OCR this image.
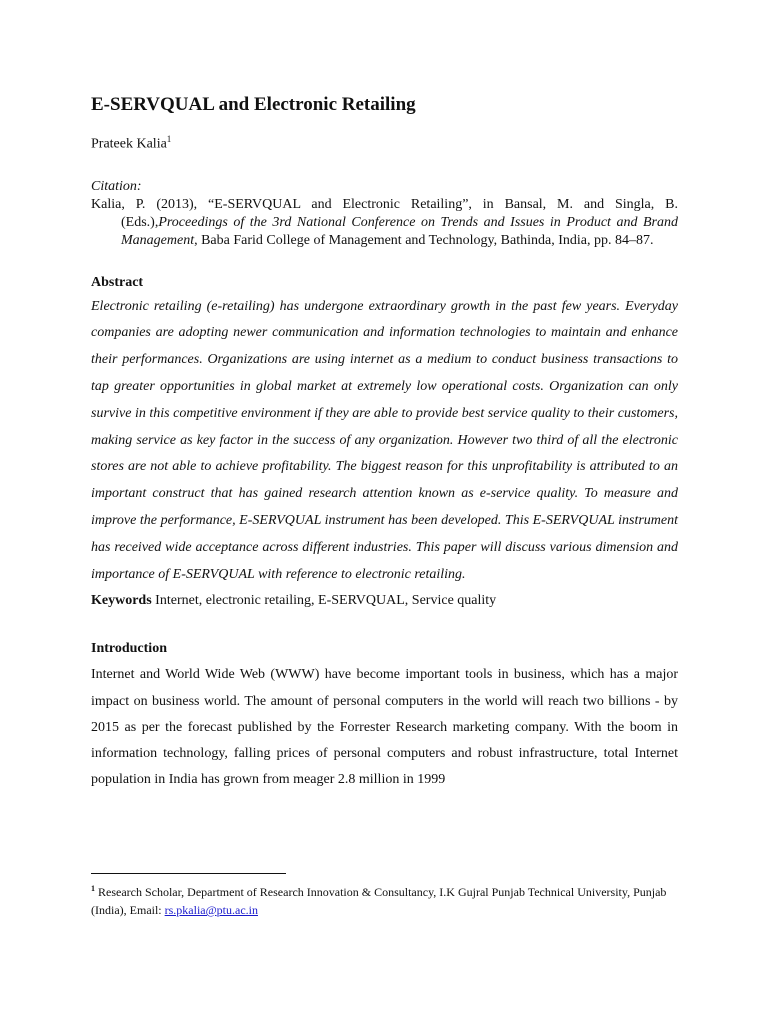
E-SERVQUAL and Electronic Retailing
Prateek Kalia$^1$
Citation:

Kalia, P. (2013), “E-SERVQUAL and Electronic Retailing”, in Bansal, M. and Singla, B. (Eds.),Proceedings of the 3rd National Conference on Trends and Issues in Product and Brand Management, Baba Farid College of Management and Technology, Bathinda, India, pp. 84–87.

Abstract

Electronic retailing (e-retailing) has undergone extraordinary growth in the past few years. Everyday companies are adopting newer communication and information technologies to maintain and enhance their performances. Organizations are using internet as a medium to conduct business transactions to tap greater opportunities in global market at extremely low operational costs. Organization can only survive in this competitive environment if they are able to provide best service quality to their customers, making service as key factor in the success of any organization. However two third of all the electronic stores are not able to achieve profitability. The biggest reason for this unprofitability is attributed to an important construct that has gained research attention known as e-service quality. To measure and improve the performance, E-SERVQUAL instrument has been developed. This E-SERVQUAL instrument has received wide acceptance across different industries. This paper will discuss various dimension and importance of E-SERVQUAL with reference to electronic retailing.

Keywords Internet, electronic retailing, E-SERVQUAL, Service quality

Introduction

Internet and World Wide Web (WWW) have become important tools in business, which has a major impact on business world. The amount of personal computers in the world will reach two billions - by 2015 as per the forecast published by the Forrester Research marketing company. With the boom in information technology, falling prices of personal computers and robust infrastructure, total Internet population in India has grown from meager 2.8 million in 1999

$^1$ Research Scholar, Department of Research Innovation & Consultancy, I.K Gujral Punjab Technical University, Punjab (India), Email: rs.pkalia@ptu.ac.in
